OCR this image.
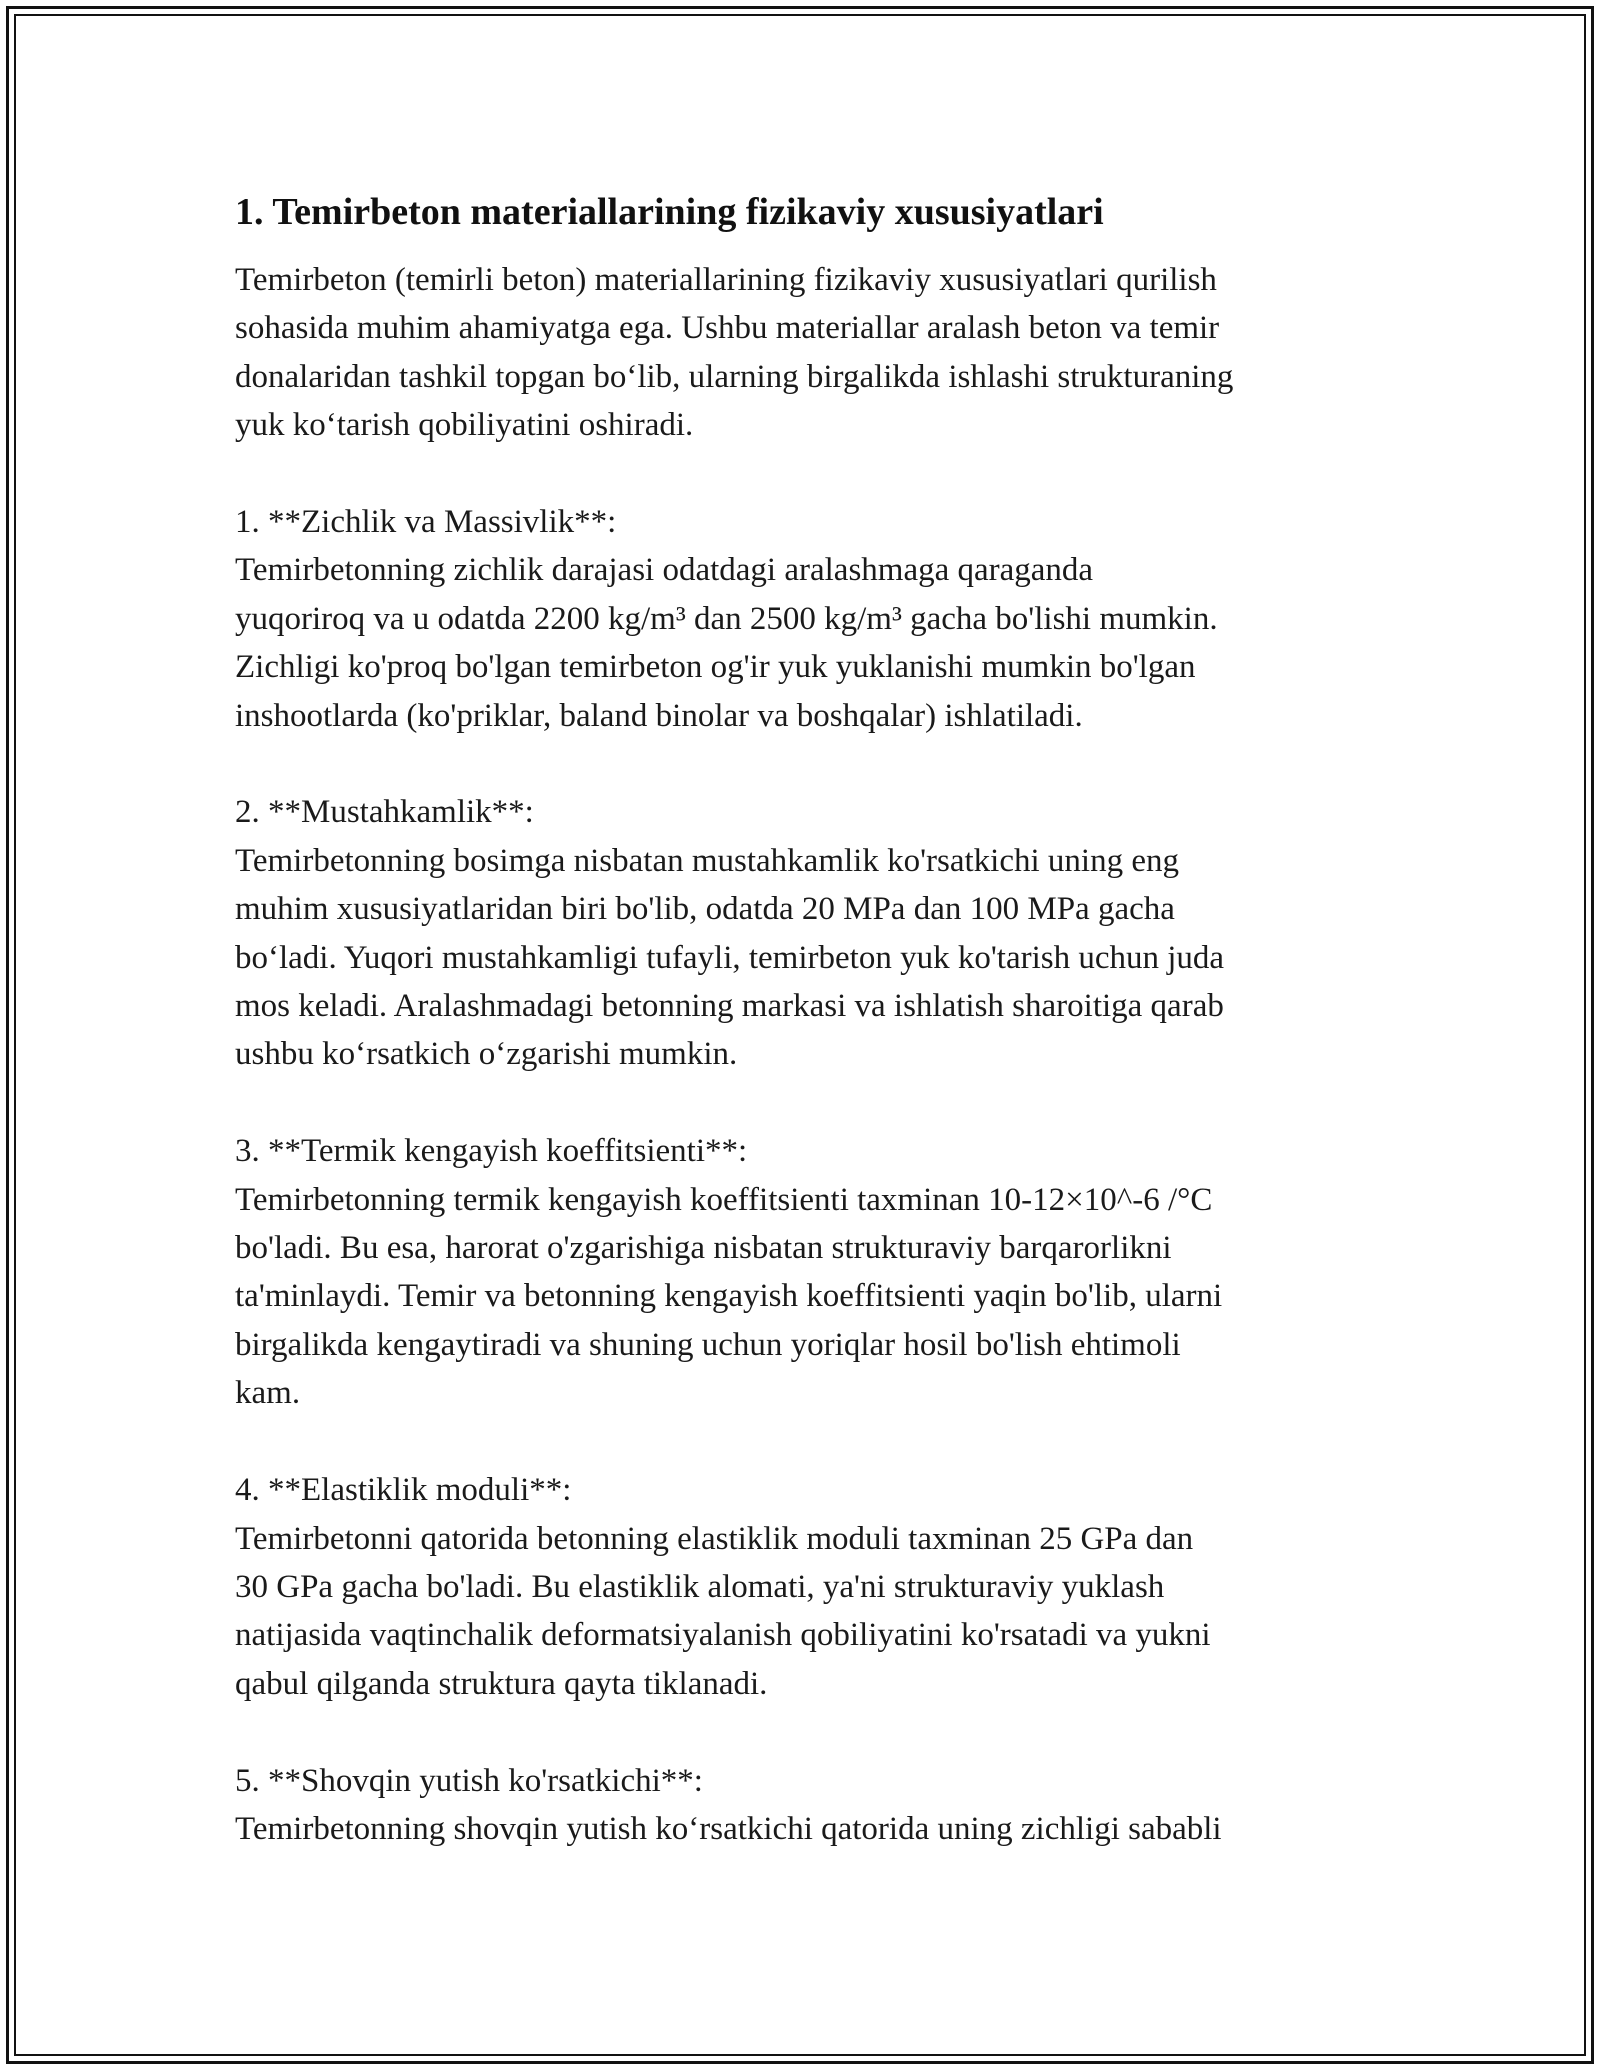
1. Temirbeton materiallarining fizikaviy xususiyatlari

Temirbeton (temirli beton) materiallarining fizikaviy xususiyatlari qurilish
sohasida muhim ahamiyatga ega. Ushbu materiallar aralash beton va temir
donalaridan tashkil topgan bo‘lib, ularning birgalikda ishlashi strukturaning
yuk ko‘tarish qobiliyatini oshiradi.

1. **Zichlik va Massivlik**:

Temirbetonning zichlik darajasi odatdagi aralashmaga qaraganda
yuqoriroq va u odatda 2200 kg/m³ dan 2500 kg/m³ gacha bo'lishi mumkin.
Zichligi ko'proq bo'lgan temirbeton og'ir yuk yuklanishi mumkin bo'lgan
inshootlarda (ko'priklar, baland binolar va boshqalar) ishlatiladi.

2. **Mustahkamlik**:

Temirbetonning bosimga nisbatan mustahkamlik ko'rsatkichi uning eng
muhim xususiyatlaridan biri bo'lib, odatda 20 MPa dan 100 MPa gacha
bo‘ladi. Yuqori mustahkamligi tufayli, temirbeton yuk ko'tarish uchun juda
mos keladi. Aralashmadagi betonning markasi va ishlatish sharoitiga qarab
ushbu ko‘rsatkich o‘zgarishi mumkin.

3. **Termik kengayish koeffitsienti**:

Temirbetonning termik kengayish koeffitsienti taxminan 10-12×10^-6 /°C
bo'ladi. Bu esa, harorat o'zgarishiga nisbatan strukturaviy barqarorlikni
ta'minlaydi. Temir va betonning kengayish koeffitsienti yaqin bo'lib, ularni
birgalikda kengaytiradi va shuning uchun yoriqlar hosil bo'lish ehtimoli
kam.

4. **Elastiklik moduli**:

Temirbetonni qatorida betonning elastiklik moduli taxminan 25 GPa dan
30 GPa gacha bo'ladi. Bu elastiklik alomati, ya'ni strukturaviy yuklash
natijasida vaqtinchalik deformatsiyalanish qobiliyatini ko'rsatadi va yukni
qabul qilganda struktura qayta tiklanadi.

5. **Shovqin yutish ko'rsatkichi**:

Temirbetonning shovqin yutish ko‘rsatkichi qatorida uning zichligi sababli
